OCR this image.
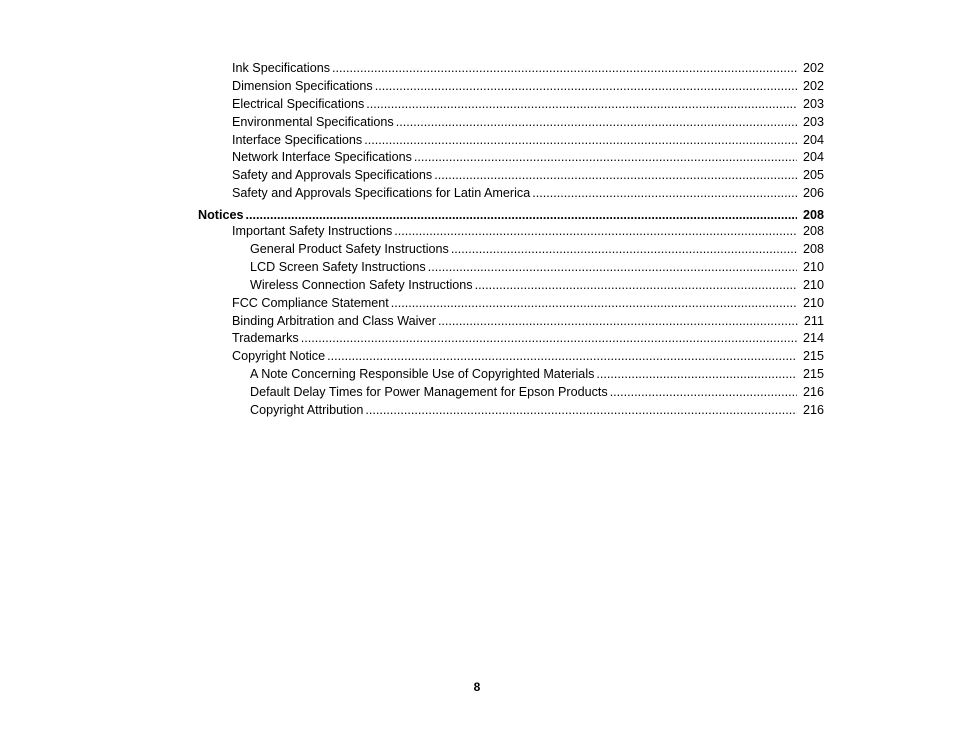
Ink Specifications .....	202
Dimension Specifications .....	202
Electrical Specifications .....	203
Environmental Specifications .....	203
Interface Specifications .....	204
Network Interface Specifications .....	204
Safety and Approvals Specifications .....	205
Safety and Approvals Specifications for Latin America .....	206
Notices .....	208
Important Safety Instructions .....	208
General Product Safety Instructions .....	208
LCD Screen Safety Instructions .....	210
Wireless Connection Safety Instructions .....	210
FCC Compliance Statement .....	210
Binding Arbitration and Class Waiver .....	211
Trademarks .....	214
Copyright Notice .....	215
A Note Concerning Responsible Use of Copyrighted Materials .....	215
Default Delay Times for Power Management for Epson Products .....	216
Copyright Attribution .....	216
8
